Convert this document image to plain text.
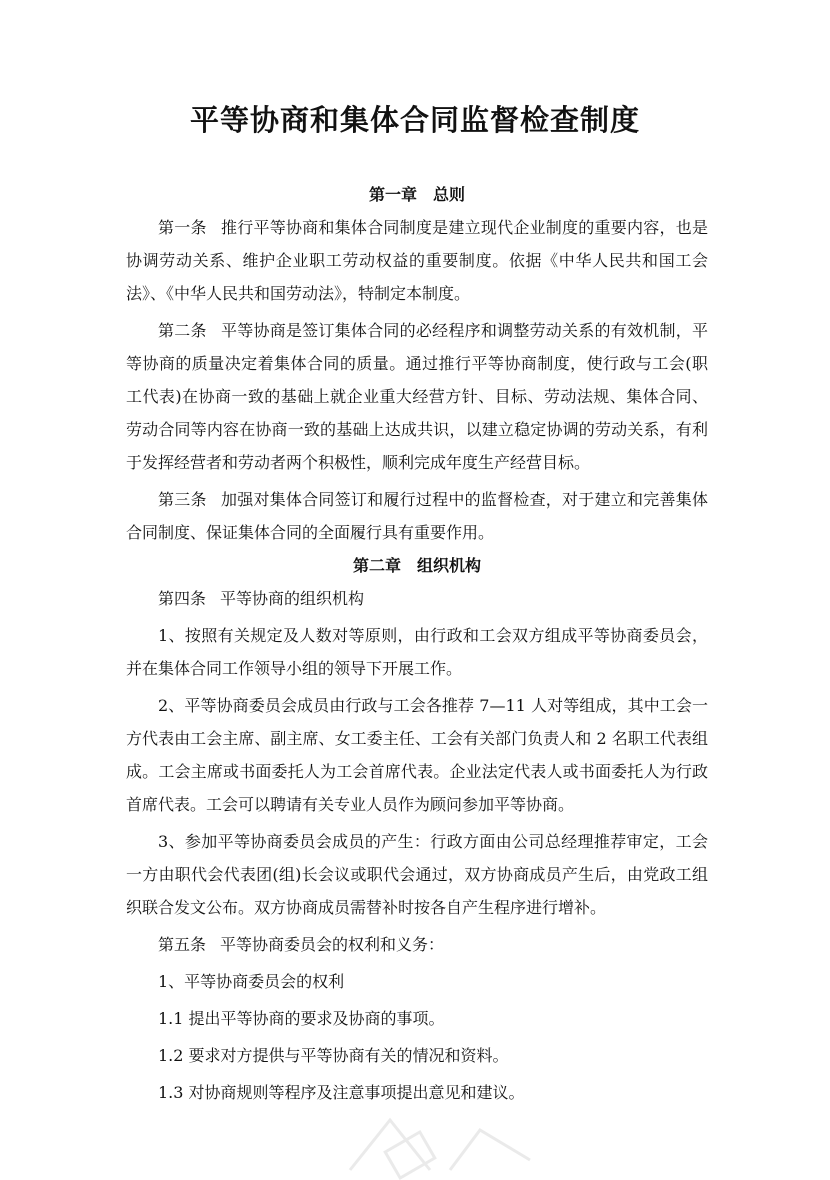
平等协商和集体合同监督检查制度

第一章 总则

第一条 推行平等协商和集体合同制度是建立现代企业制度的重要内容，也是协调劳动关系、维护企业职工劳动权益的重要制度。依据《中华人民共和国工会法》、《中华人民共和国劳动法》，特制定本制度。

第二条 平等协商是签订集体合同的必经程序和调整劳动关系的有效机制，平等协商的质量决定着集体合同的质量。通过推行平等协商制度，使行政与工会(职工代表)在协商一致的基础上就企业重大经营方针、目标、劳动法规、集体合同、劳动合同等内容在协商一致的基础上达成共识，以建立稳定协调的劳动关系，有利于发挥经营者和劳动者两个积极性，顺利完成年度生产经营目标。

第三条 加强对集体合同签订和履行过程中的监督检查，对于建立和完善集体合同制度、保证集体合同的全面履行具有重要作用。

第二章 组织机构

第四条 平等协商的组织机构

1、按照有关规定及人数对等原则，由行政和工会双方组成平等协商委员会，并在集体合同工作领导小组的领导下开展工作。

2、平等协商委员会成员由行政与工会各推荐 7—11 人对等组成，其中工会一方代表由工会主席、副主席、女工委主任、工会有关部门负责人和 2 名职工代表组成。工会主席或书面委托人为工会首席代表。企业法定代表人或书面委托人为行政首席代表。工会可以聘请有关专业人员作为顾问参加平等协商。

3、参加平等协商委员会成员的产生：行政方面由公司总经理推荐审定，工会一方由职代会代表团(组)长会议或职代会通过，双方协商成员产生后，由党政工组织联合发文公布。双方协商成员需替补时按各自产生程序进行增补。

第五条 平等协商委员会的权利和义务：

1、平等协商委员会的权利

1.1 提出平等协商的要求及协商的事项。

1.2 要求对方提供与平等协商有关的情况和资料。

1.3 对协商规则等程序及注意事项提出意见和建议。
